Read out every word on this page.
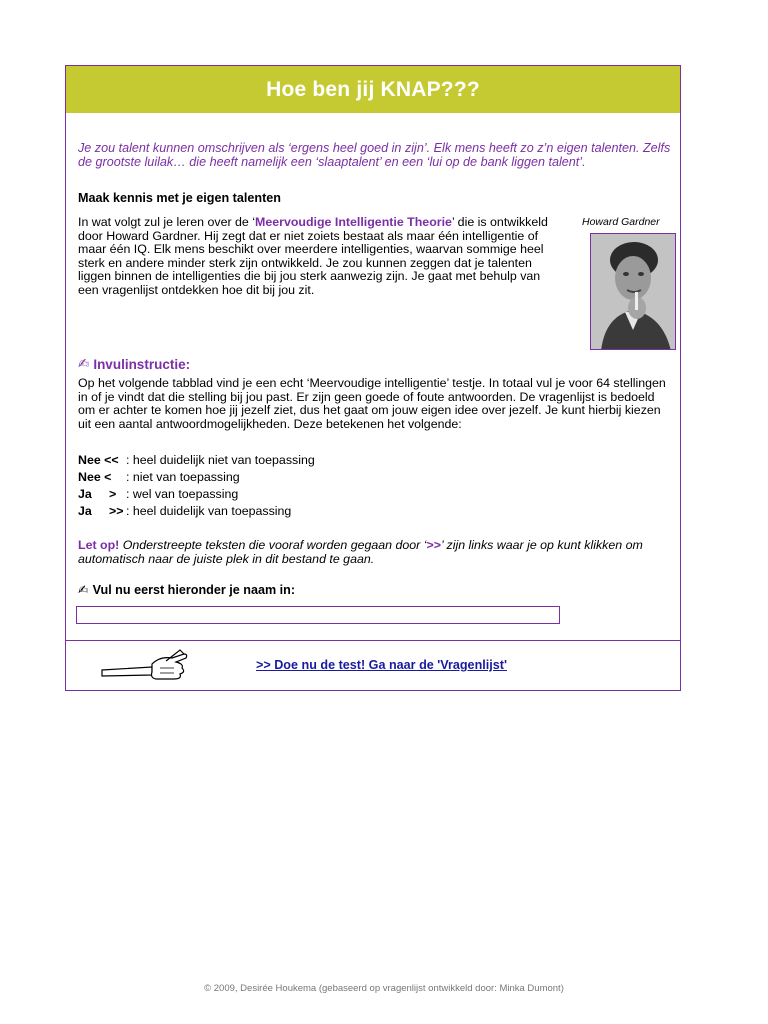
Hoe ben jij KNAP???
Je zou talent kunnen omschrijven als ‘ergens heel goed in zijn’. Elk mens heeft zo z’n eigen talenten. Zelfs de grootste luilak… die heeft namelijk een ‘slaaptalent’ en een ‘lui op de bank liggen talent’.
Maak kennis met je eigen talenten
In wat volgt zul je leren over de ‘Meervoudige Intelligentie Theorie’ die is ontwikkeld door Howard Gardner. Hij zegt dat er niet zoiets bestaat als maar één intelligentie of maar één IQ. Elk mens beschikt over meerdere intelligenties, waarvan sommige heel sterk en andere minder sterk zijn ontwikkeld. Je zou kunnen zeggen dat je talenten liggen binnen de intelligenties die bij jou sterk aanwezig zijn. Je gaat met behulp van een vragenlijst ontdekken hoe dit bij jou zit.
Howard Gardner
✍ Invulinstructie:
Op het volgende tabblad vind je een echt ‘Meervoudige intelligentie’ testje. In totaal vul je voor 64 stellingen in of je vindt dat die stelling bij jou past. Er zijn geen goede of foute antwoorden. De vragenlijst is bedoeld om er achter te komen hoe jij jezelf ziet, dus het gaat om jouw eigen idee over jezelf. Je kunt hierbij kiezen uit een aantal antwoordmogelijkheden. Deze betekenen het volgende:
Nee << : heel duidelijk niet van toepassing
Nee <	: niet van toepassing
Ja     > : wel van toepassing
Ja     >> : heel duidelijk van toepassing
Let op! Onderstreepte teksten die vooraf worden gegaan door ‘>>’ zijn links waar je op kunt klikken om automatisch naar de juiste plek in dit bestand te gaan.
✍ Vul nu eerst hieronder je naam in:
>> Doe nu de test! Ga naar de 'Vragenlijst'
© 2009, Desirée Houkema (gebaseerd op vragenlijst ontwikkeld door: Minka Dumont)
